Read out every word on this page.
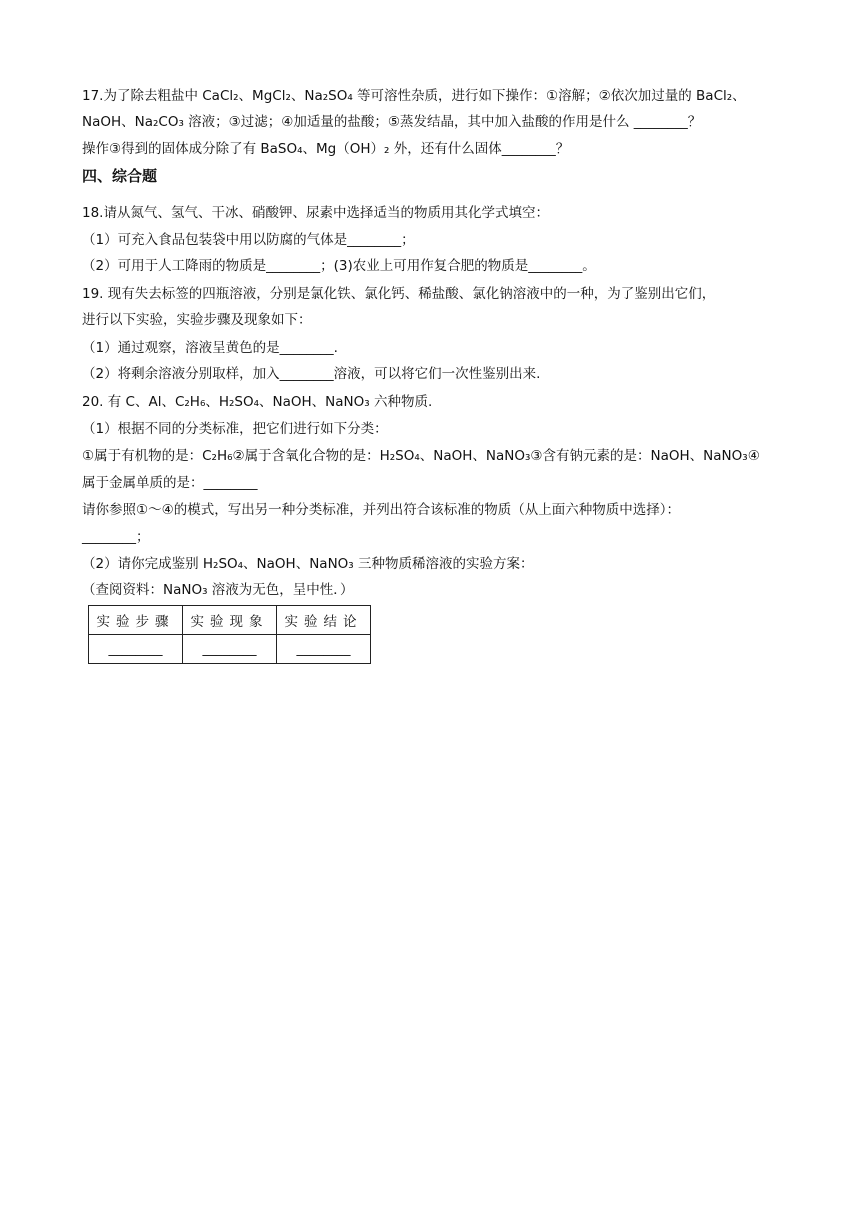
17.为了除去粗盐中 CaCl₂、MgCl₂、Na₂SO₄ 等可溶性杂质，进行如下操作：①溶解；②依次加过量的 BaCl₂、
NaOH、Na₂CO₃ 溶液；③过滤；④加适量的盐酸；⑤蒸发结晶，其中加入盐酸的作用是什么 ________？
操作③得到的固体成分除了有 BaSO₄、Mg（OH）₂ 外，还有什么固体________？
四、综合题
18.请从氮气、氢气、干冰、硝酸钾、尿素中选择适当的物质用其化学式填空：
（1）可充入食品包装袋中用以防腐的气体是________；
（2）可用于人工降雨的物质是________；(3)农业上可用作复合肥的物质是________。
19. 现有失去标签的四瓶溶液，分别是氯化铁、氯化钙、稀盐酸、氯化钠溶液中的一种，为了鉴别出它们，
进行以下实验，实验步骤及现象如下：
（1）通过观察，溶液呈黄色的是________.
（2）将剩余溶液分别取样，加入________溶液，可以将它们一次性鉴别出来.
20. 有 C、Al、C₂H₆、H₂SO₄、NaOH、NaNO₃ 六种物质.
（1）根据不同的分类标准，把它们进行如下分类：
①属于有机物的是：C₂H₆②属于含氧化合物的是：H₂SO₄、NaOH、NaNO₃③含有钠元素的是：NaOH、NaNO₃④
属于金属单质的是：________
请你参照①～④的模式，写出另一种分类标准，并列出符合该标准的物质（从上面六种物质中选择）：
________；
（2）请你完成鉴别 H₂SO₄、NaOH、NaNO₃ 三种物质稀溶液的实验方案：
（查阅资料：NaNO₃ 溶液为无色，呈中性．）
实验步骤	实验现象	实验结论
________	________	________
